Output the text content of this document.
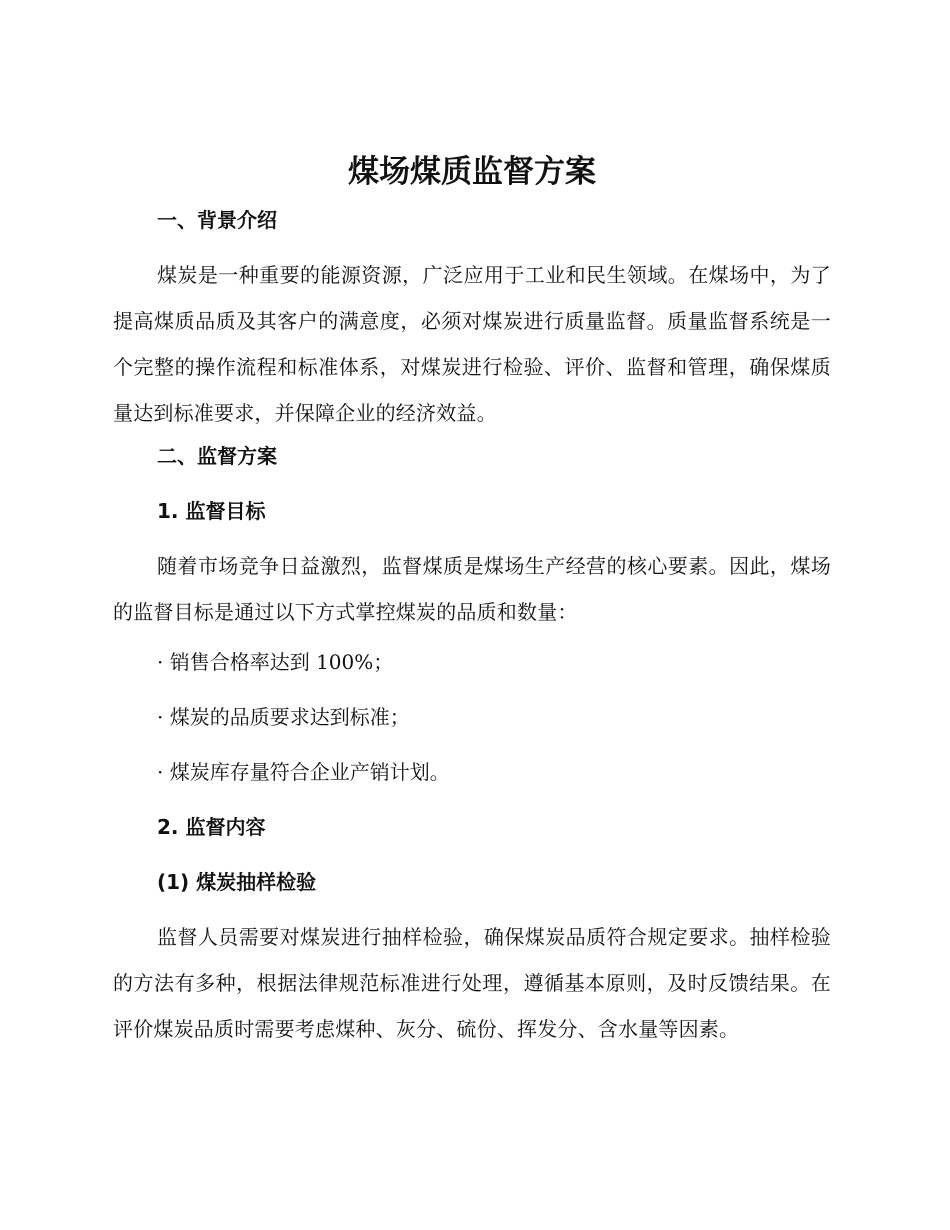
煤场煤质监督方案
一、背景介绍

煤炭是一种重要的能源资源，广泛应用于工业和民生领域。在煤场中，为了提高煤质品质及其客户的满意度，必须对煤炭进行质量监督。质量监督系统是一个完整的操作流程和标准体系，对煤炭进行检验、评价、监督和管理，确保煤质量达到标准要求，并保障企业的经济效益。

二、监督方案
1. 监督目标

随着市场竞争日益激烈，监督煤质是煤场生产经营的核心要素。因此，煤场的监督目标是通过以下方式掌控煤炭的品质和数量：

· 销售合格率达到 100%；

· 煤炭的品质要求达到标准；

· 煤炭库存量符合企业产销计划。

2. 监督内容
(1) 煤炭抽样检验

监督人员需要对煤炭进行抽样检验，确保煤炭品质符合规定要求。抽样检验的方法有多种，根据法律规范标准进行处理，遵循基本原则，及时反馈结果。在评价煤炭品质时需要考虑煤种、灰分、硫份、挥发分、含水量等因素。
